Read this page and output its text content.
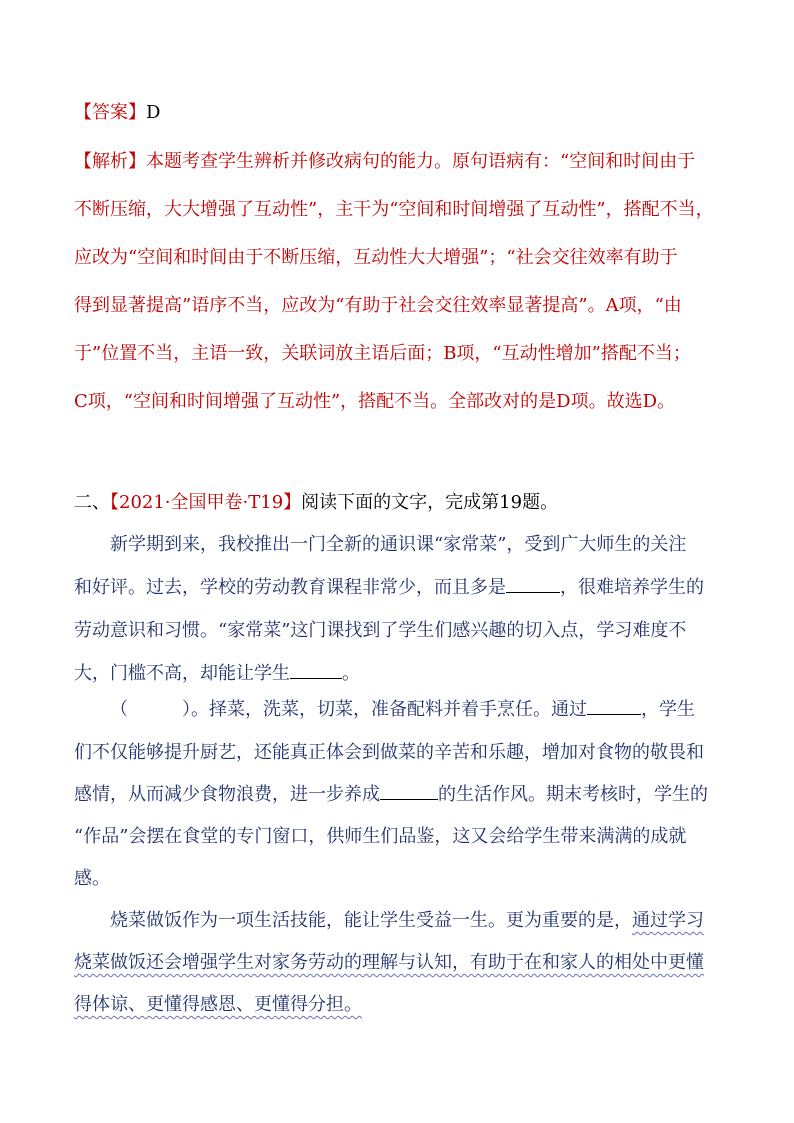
【答案】D
【解析】本题考查学生辨析并修改病句的能力。原句语病有：“空间和时间由于
不断压缩，大大增强了互动性”，主干为“空间和时间增强了互动性”，搭配不当，
应改为“空间和时间由于不断压缩，互动性大大增强”；“社会交往效率有助于
得到显著提高”语序不当，应改为“有助于社会交往效率显著提高”。A项，“由
于”位置不当，主语一致，关联词放主语后面；B项，“互动性增加”搭配不当；
C项，“空间和时间增强了互动性”，搭配不当。全部改对的是D项。故选D。
二、【2021·全国甲卷·T19】阅读下面的文字，完成第19题。
新学期到来，我校推出一门全新的通识课“家常菜”，受到广大师生的关注
和好评。过去，学校的劳动教育课程非常少，而且多是	，很难培养学生的
劳动意识和习惯。“家常菜”这门课找到了学生们感兴趣的切入点，学习难度不
大，门槛不高，却能让学生	。
（	）。择菜，洗菜，切菜，准备配料并着手烹任。通过	，学生
们不仅能够提升厨艺，还能真正体会到做菜的辛苦和乐趣，增加对食物的敬畏和
感情，从而减少食物浪费，进一步养成	的生活作风。期末考核时，学生的
“作品”会摆在食堂的专门窗口，供师生们品鉴，这又会给学生带来满满的成就
感。
烧菜做饭作为一项生活技能，能让学生受益一生。更为重要的是，通过学习
烧菜做饭还会增强学生对家务劳动的理解与认知，有助于在和家人的相处中更懂
得体谅、更懂得感恩、更懂得分担。
